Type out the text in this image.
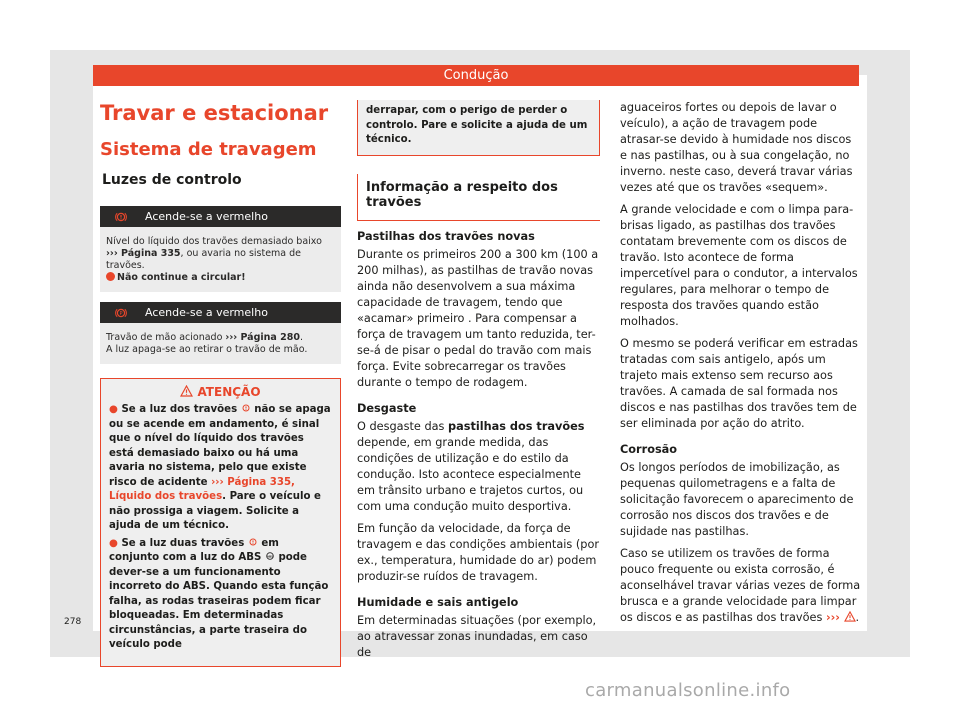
Condução
Travar e estacionar
Sistema de travagem
Luzes de controlo
Acende-se a vermelho
Nível do líquido dos travões demasiado baixo ››› Página 335, ou avaria no sistema de travões.
Não continue a circular!
P Acende-se a vermelho
Travão de mão acionado ››› Página 280.
A luz apaga-se ao retirar o travão de mão.
ATENÇÃO

● Se a luz dos travões  não se apaga ou se acende em andamento, é sinal que o nível do líquido dos travões está demasiado baixo ou há uma avaria no sistema, pelo que existe risco de acidente ››› Página 335, Líquido dos travões. Pare o veículo e não prossiga a viagem. Solicite a ajuda de um técnico.

● Se a luz duas travões  em conjunto com a luz do ABS ABS pode dever-se a um funcionamento incorreto do ABS. Quando esta função falha, as rodas traseiras podem ficar bloqueadas. Em determinadas circunstâncias, a parte traseira do veículo pode

278
derrapar, com o perigo de perder o controlo. Pare e solicite a ajuda de um técnico.
Informação a respeito dos travões

Pastilhas dos travões novas

Durante os primeiros 200 a 300 km (100 a 200 milhas), as pastilhas de travão novas ainda não desenvolvem a sua máxima capacidade de travagem, tendo que «acamar» primeiro . Para compensar a força de travagem um tanto reduzida, ter-se-á de pisar o pedal do travão com mais força. Evite sobrecarregar os travões durante o tempo de rodagem.

Desgaste

O desgaste das pastilhas dos travões depende, em grande medida, das condições de utilização e do estilo da condução. Isto acontece especialmente em trânsito urbano e trajetos curtos, ou com uma condução muito desportiva.

Em função da velocidade, da força de travagem e das condições ambientais (por ex., temperatura, humidade do ar) podem produzir-se ruídos de travagem.

Humidade e sais antigelo

Em determinadas situações (por exemplo, ao atravessar zonas inundadas, em caso de

aguaceiros fortes ou depois de lavar o veículo), a ação de travagem pode atrasar-se devido à humidade nos discos e nas pastilhas, ou à sua congelação, no inverno. neste caso, deverá travar várias vezes até que os travões «sequem».

A grande velocidade e com o limpa para-brisas ligado, as pastilhas dos travões contatam brevemente com os discos de travão. Isto acontece de forma impercetível para o condutor, a intervalos regulares, para melhorar o tempo de resposta dos travões quando estão molhados.

O mesmo se poderá verificar em estradas tratadas com sais antigelo, após um trajeto mais extenso sem recurso aos travões. A camada de sal formada nos discos e nas pastilhas dos travões tem de ser eliminada por ação do atrito.

Corrosão

Os longos períodos de imobilização, as pequenas quilometragens e a falta de solicitação favorecem o aparecimento de corrosão nos discos dos travões e de sujidade nas pastilhas.

Caso se utilizem os travões de forma pouco frequente ou exista corrosão, é aconselhável travar várias vezes de forma brusca e a grande velocidade para limpar os discos e as pastilhas dos travões ››› .

carmanualsonline.info
